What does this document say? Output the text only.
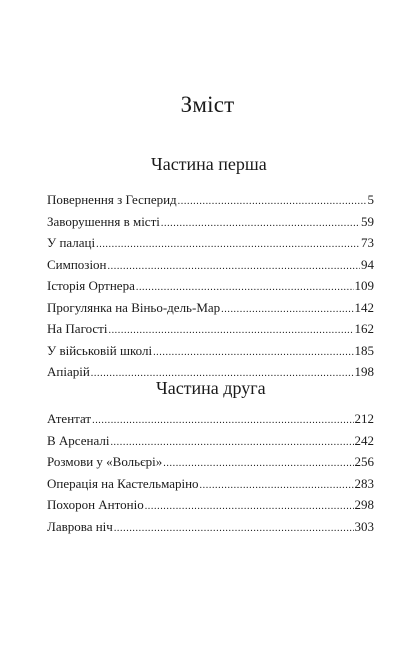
Зміст
Частина перша
Повернення з Гесперид .....	5
Заворушення в місті .....	59
У палаці .....	73
Симпозіон .....	94
Історія Ортнера .....	109
Прогулянка на Віньо-дель-Мар .....	142
На Пагості .....	162
У військовій школі .....	185
Апіарій .....	198
Частина друга
Атентат .....	212
В Арсеналі .....	242
Розмови у «Вольєрі» .....	256
Операція на Кастельмаріно .....	283
Похорон Антоніо .....	298
Лаврова ніч .....	303
